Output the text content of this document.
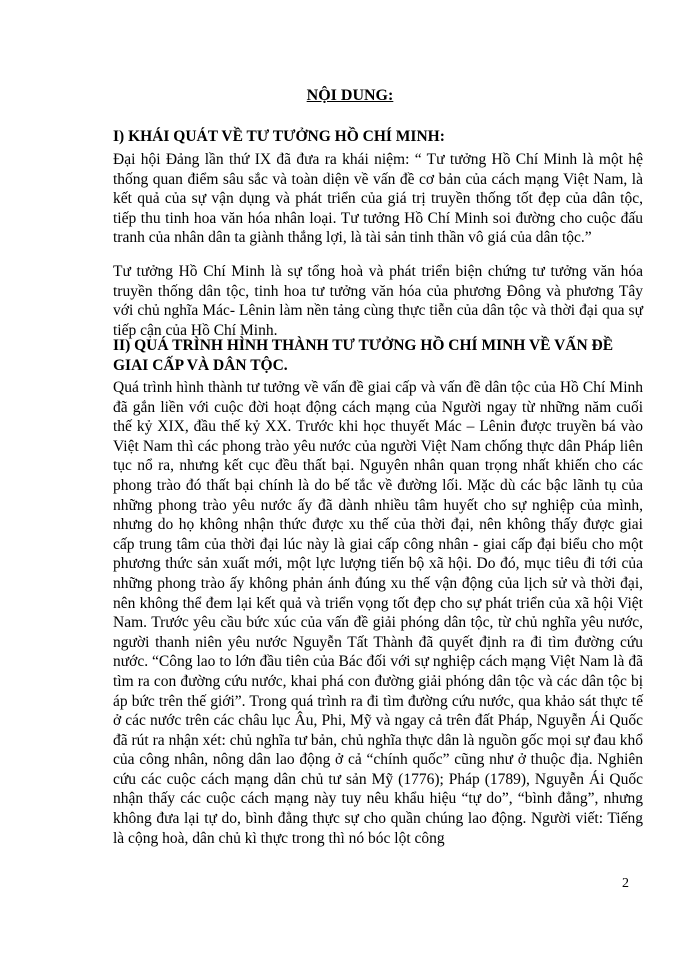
NỘI DUNG:
I) KHÁI QUÁT VỀ TƯ TƯỞNG HỒ CHÍ MINH:

Đại hội Đảng lần thứ IX đã đưa ra khái niệm: “ Tư tưởng Hồ Chí Minh là một hệ thống quan điểm sâu sắc và toàn diện về vấn đề cơ bản của cách mạng Việt Nam, là kết quả của sự vận dụng và phát triển của giá trị truyền thống tốt đẹp của dân tộc, tiếp thu tinh hoa văn hóa nhân loại. Tư tưởng Hồ Chí Minh soi đường cho cuộc đấu tranh của nhân dân ta giành thắng lợi, là tài sản tinh thần vô giá của dân tộc.”

Tư tưởng Hồ Chí Minh là sự tổng hoà và phát triển biện chứng tư tưởng văn hóa truyền thống dân tộc, tinh hoa tư tưởng văn hóa của phương Đông và phương Tây với chủ nghĩa Mác- Lênin làm nền tảng cùng thực tiễn của dân tộc và thời đại qua sự tiếp cận của Hồ Chí Minh.

II) QUÁ TRÌNH HÌNH THÀNH TƯ TƯỞNG HỒ CHÍ MINH VỀ VẤN ĐỀ GIAI CẤP VÀ DÂN TỘC.

Quá trình hình thành tư tưởng về vấn đề giai cấp và vấn đề dân tộc của Hồ Chí Minh đã gắn liền với cuộc đời hoạt động cách mạng của Người ngay từ những năm cuối thế kỷ XIX, đầu thế kỷ XX. Trước khi học thuyết Mác – Lênin được truyền bá vào Việt Nam thì các phong trào yêu nước của người Việt Nam chống thực dân Pháp liên tục nổ ra, nhưng kết cục đều thất bại. Nguyên nhân quan trọng nhất khiến cho các phong trào đó thất bại chính là do bế tắc về đường lối. Mặc dù các bậc lãnh tụ của những phong trào yêu nước ấy đã dành nhiều tâm huyết cho sự nghiệp của mình, nhưng do họ không nhận thức được xu thế của thời đại, nên không thấy được giai cấp trung tâm của thời đại lúc này là giai cấp công nhân - giai cấp đại biểu cho một phương thức sản xuất mới, một lực lượng tiến bộ xã hội. Do đó, mục tiêu đi tới của những phong trào ấy không phản ánh đúng xu thế vận động của lịch sử và thời đại, nên không thể đem lại kết quả và triển vọng tốt đẹp cho sự phát triển của xã hội Việt Nam. Trước yêu cầu bức xúc của vấn đề giải phóng dân tộc, từ chủ nghĩa yêu nước, người thanh niên yêu nước Nguyễn Tất Thành đã quyết định ra đi tìm đường cứu nước. “Công lao to lớn đầu tiên của Bác đối với sự nghiệp cách mạng Việt Nam là đã tìm ra con đường cứu nước, khai phá con đường giải phóng dân tộc và các dân tộc bị áp bức trên thế giới”. Trong quá trình ra đi tìm đường cứu nước, qua khảo sát thực tế ở các nước trên các châu lục Âu, Phi, Mỹ và ngay cả trên đất Pháp, Nguyễn Ái Quốc đã rút ra nhận xét: chủ nghĩa tư bản, chủ nghĩa thực dân là nguồn gốc mọi sự đau khổ của công nhân, nông dân lao động ở cả “chính quốc” cũng như ở thuộc địa. Nghiên cứu các cuộc cách mạng dân chủ tư sản Mỹ (1776); Pháp (1789), Nguyễn Ái Quốc nhận thấy các cuộc cách mạng này tuy nêu khẩu hiệu “tự do”, “bình đẳng”, nhưng không đưa lại tự do, bình đẳng thực sự cho quần chúng lao động. Người viết: Tiếng là cộng hoà, dân chủ kì thực trong thì nó bóc lột công

2
